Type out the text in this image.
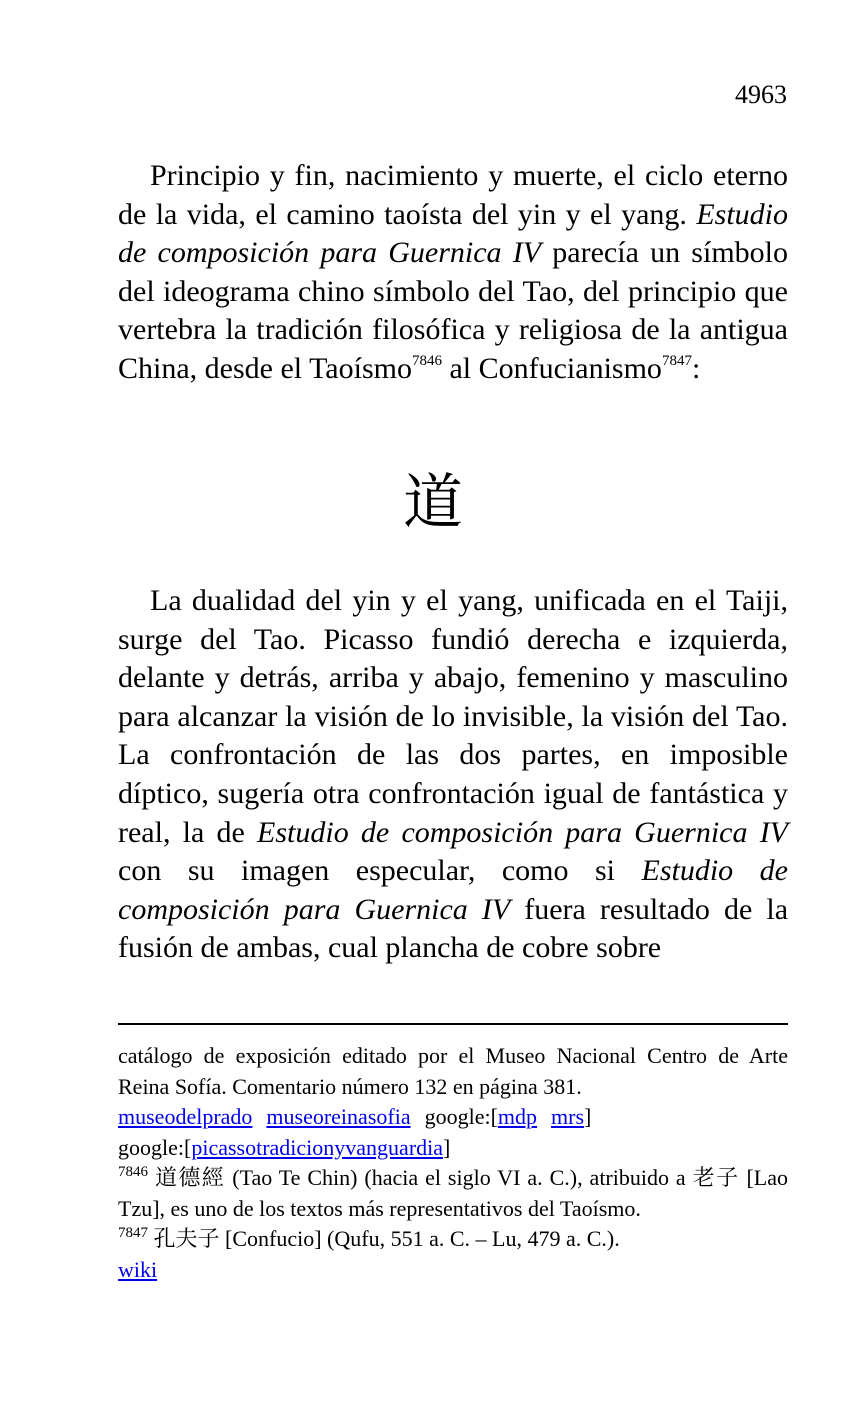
4963

Principio y fin, nacimiento y muerte, el ciclo eterno de la vida, el camino taoísta del yin y el yang. Estudio de composición para Guernica IV parecía un símbolo del ideograma chino símbolo del Tao, del principio que vertebra la tradición filosófica y religiosa de la antigua China, desde el Taoísmo$^{7846}$ al Confucianismo$^{7847}$:

道

La dualidad del yin y el yang, unificada en el Taiji, surge del Tao. Picasso fundió derecha e izquierda, delante y detrás, arriba y abajo, femenino y masculino para alcanzar la visión de lo invisible, la visión del Tao. La confrontación de las dos partes, en imposible díptico, sugería otra confrontación igual de fantástica y real, la de Estudio de composición para Guernica IV con su imagen especular, como si Estudio de composición para Guernica IV fuera resultado de la fusión de ambas, cual plancha de cobre sobre

catálogo de exposición editado por el Museo Nacional Centro de Arte Reina Sofía. Comentario número 132 en página 381.

museodelprado museoreinasofia google:[mdp mrs]

google:[picassotradicionyvanguardia]

$^{7846}$ 道德經 (Tao Te Chin) (hacia el siglo VI a. C.), atribuido a 老子 [Lao Tzu], es uno de los textos más representativos del Taoísmo.

$^{7847}$ 孔夫子 [Confucio] (Qufu, 551 a. C. – Lu, 479 a. C.).

wiki
